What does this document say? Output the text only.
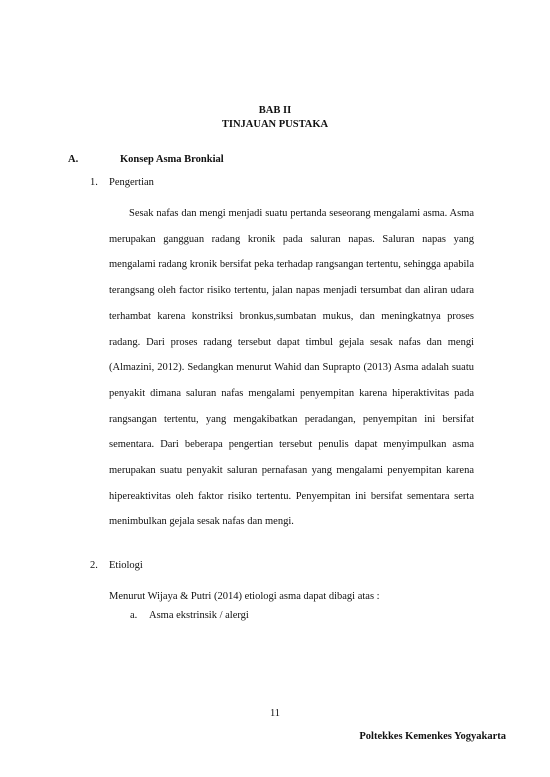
BAB II
TINJAUAN PUSTAKA
A.	Konsep Asma Bronkial
1. Pengertian

Sesak nafas dan mengi menjadi suatu pertanda seseorang mengalami asma. Asma merupakan gangguan radang kronik pada saluran napas. Saluran napas yang mengalami radang kronik bersifat peka terhadap rangsangan tertentu, sehingga apabila terangsang oleh factor risiko tertentu, jalan napas menjadi tersumbat dan aliran udara terhambat karena konstriksi bronkus,sumbatan mukus, dan meningkatnya proses radang. Dari proses radang tersebut dapat timbul gejala sesak nafas dan mengi (Almazini, 2012). Sedangkan menurut Wahid dan Suprapto (2013) Asma adalah suatu penyakit dimana saluran nafas mengalami penyempitan karena hiperaktivitas pada rangsangan tertentu, yang mengakibatkan peradangan, penyempitan ini bersifat sementara. Dari beberapa pengertian tersebut penulis dapat menyimpulkan asma merupakan suatu penyakit saluran pernafasan yang mengalami penyempitan karena hipereaktivitas oleh faktor risiko tertentu. Penyempitan ini bersifat sementara serta menimbulkan gejala sesak nafas dan mengi.

2. Etiologi

Menurut Wijaya & Putri (2014) etiologi asma dapat dibagi atas :

a. Asma ekstrinsik / alergi
11
Poltekkes Kemenkes Yogyakarta
